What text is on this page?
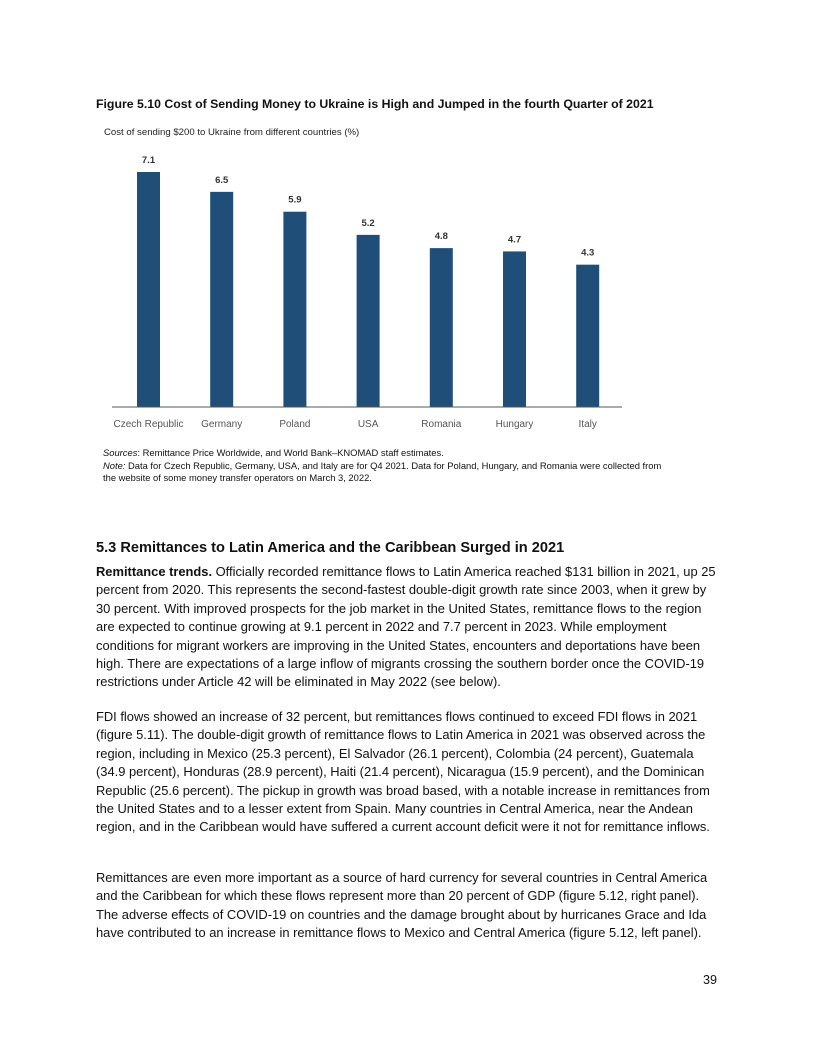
Figure 5.10 Cost of Sending Money to Ukraine is High and Jumped in the fourth Quarter of 2021
Cost of sending $200 to Ukraine from different countries (%)
7.1
Czech Republic
6.5
Germany
5.9
Poland
5.2
USA
4.8
Romania
4.7
Hungary
4.3
Italy

Sources: Remittance Price Worldwide, and World Bank–KNOMAD staff estimates.

Note: Data for Czech Republic, Germany, USA, and Italy are for Q4 2021. Data for Poland, Hungary, and Romania were collected from the website of some money transfer operators on March 3, 2022.

5.3 Remittances to Latin America and the Caribbean Surged in 2021

Remittance trends. Officially recorded remittance flows to Latin America reached $131 billion in 2021, up 25 percent from 2020. This represents the second-fastest double-digit growth rate since 2003, when it grew by 30 percent. With improved prospects for the job market in the United States, remittance flows to the region are expected to continue growing at 9.1 percent in 2022 and 7.7 percent in 2023. While employment conditions for migrant workers are improving in the United States, encounters and deportations have been high. There are expectations of a large inflow of migrants crossing the southern border once the COVID-19 restrictions under Article 42 will be eliminated in May 2022 (see below).

FDI flows showed an increase of 32 percent, but remittances flows continued to exceed FDI flows in 2021 (figure 5.11). The double-digit growth of remittance flows to Latin America in 2021 was observed across the region, including in Mexico (25.3 percent), El Salvador (26.1 percent), Colombia (24 percent), Guatemala (34.9 percent), Honduras (28.9 percent), Haiti (21.4 percent), Nicaragua (15.9 percent), and the Dominican Republic (25.6 percent). The pickup in growth was broad based, with a notable increase in remittances from the United States and to a lesser extent from Spain. Many countries in Central America, near the Andean region, and in the Caribbean would have suffered a current account deficit were it not for remittance inflows.

Remittances are even more important as a source of hard currency for several countries in Central America and the Caribbean for which these flows represent more than 20 percent of GDP (figure 5.12, right panel). The adverse effects of COVID-19 on countries and the damage brought about by hurricanes Grace and Ida have contributed to an increase in remittance flows to Mexico and Central America (figure 5.12, left panel).

39
